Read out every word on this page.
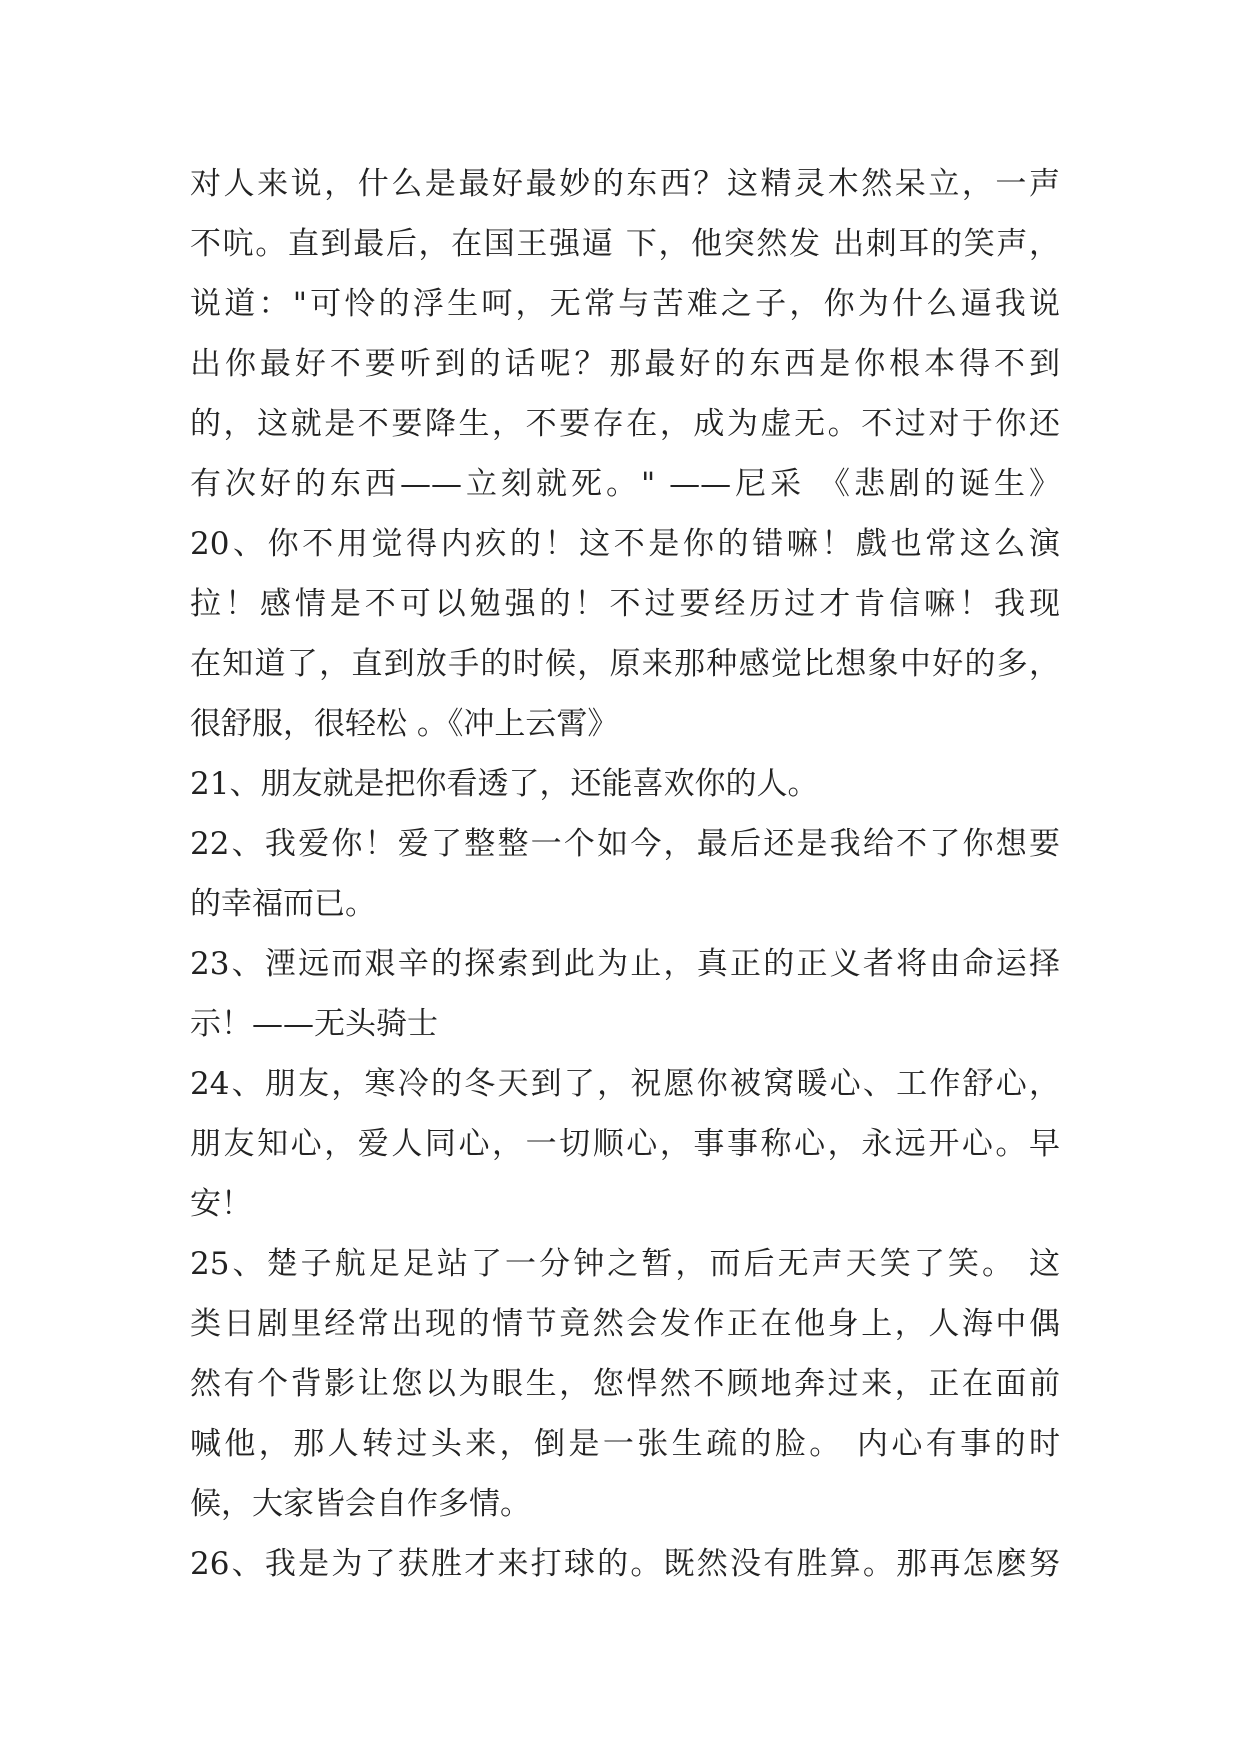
对人来说，什么是最好最妙的东西？这精灵木然呆立，一声

不吭。直到最后，在国王强逼 下，他突然发 出刺耳的笑声，

说道："可怜的浮生呵，无常与苦难之子，你为什么逼我说

出你最好不要听到的话呢？那最好的东西是你根本得不到

的，这就是不要降生，不要存在，成为虚无。不过对于你还

有次好的东西——立刻就死。" ——尼采 《悲剧的诞生》

20、你不用觉得内疚的！这不是你的错嘛！戲也常这么演

拉！感情是不可以勉强的！不过要经历过才肯信嘛！我现

在知道了，直到放手的时候，原来那种感觉比想象中好的多，

很舒服，很轻松 。《冲上云霄》

21、朋友就是把你看透了，还能喜欢你的人。

22、我爱你！爱了整整一个如今，最后还是我给不了你想要

的幸福而已。

23、湮远而艰辛的探索到此为止，真正的正义者将由命运择

示！——无头骑士

24、朋友，寒冷的冬天到了，祝愿你被窝暖心、工作舒心，

朋友知心，爱人同心，一切顺心，事事称心，永远开心。早

安！

25、楚子航足足站了一分钟之暂，而后无声天笑了笑。 这

类日剧里经常出现的情节竟然会发作正在他身上，人海中偶

然有个背影让您以为眼生，您悍然不顾地奔过来，正在面前

喊他，那人转过头来，倒是一张生疏的脸。 内心有事的时

候，大家皆会自作多情。

26、我是为了获胜才来打球的。既然没有胜算。那再怎麽努
